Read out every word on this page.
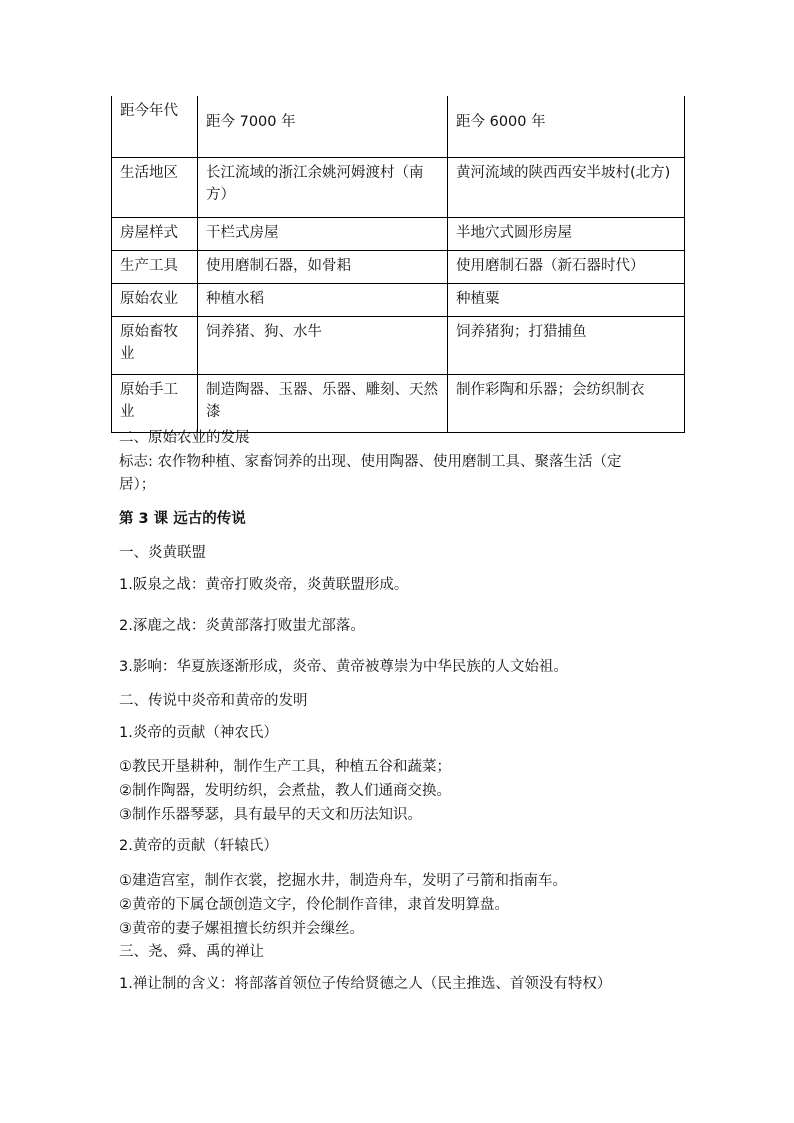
距今年代	距今 7000 年	距今 6000 年
生活地区	长江流域的浙江余姚河姆渡村（南方）	黄河流域的陕西西安半坡村(北方)
房屋样式	干栏式房屋	半地穴式圆形房屋
生产工具	使用磨制石器，如骨耜	使用磨制石器（新石器时代）
原始农业	种植水稻	种植粟
原始畜牧业	饲养猪、狗、水牛	饲养猪狗；打猎捕鱼
原始手工业	制造陶器、玉器、乐器、雕刻、天然漆	制作彩陶和乐器；会纺织制衣
二、原始农业的发展
标志: 农作物种植、家畜饲养的出现、使用陶器、使用磨制工具、聚落生活（定
居）；
第 3 课 远古的传说
一、炎黄联盟
1.阪泉之战：黄帝打败炎帝，炎黄联盟形成。
2.涿鹿之战：炎黄部落打败蚩尤部落。
3.影响：华夏族逐渐形成，炎帝、黄帝被尊崇为中华民族的人文始祖。
二、传说中炎帝和黄帝的发明
1.炎帝的贡献（神农氏）
①教民开垦耕种，制作生产工具，种植五谷和蔬菜；
②制作陶器，发明纺织，会煮盐，教人们通商交换。
③制作乐器琴瑟，具有最早的天文和历法知识。
2.黄帝的贡献（轩辕氏）
①建造宫室，制作衣裳，挖掘水井，制造舟车，发明了弓箭和指南车。
②黄帝的下属仓颉创造文字，伶伦制作音律，隶首发明算盘。
③黄帝的妻子嫘祖擅长纺织并会缫丝。
三、尧、舜、禹的禅让
1.禅让制的含义：将部落首领位子传给贤德之人（民主推选、首领没有特权）
